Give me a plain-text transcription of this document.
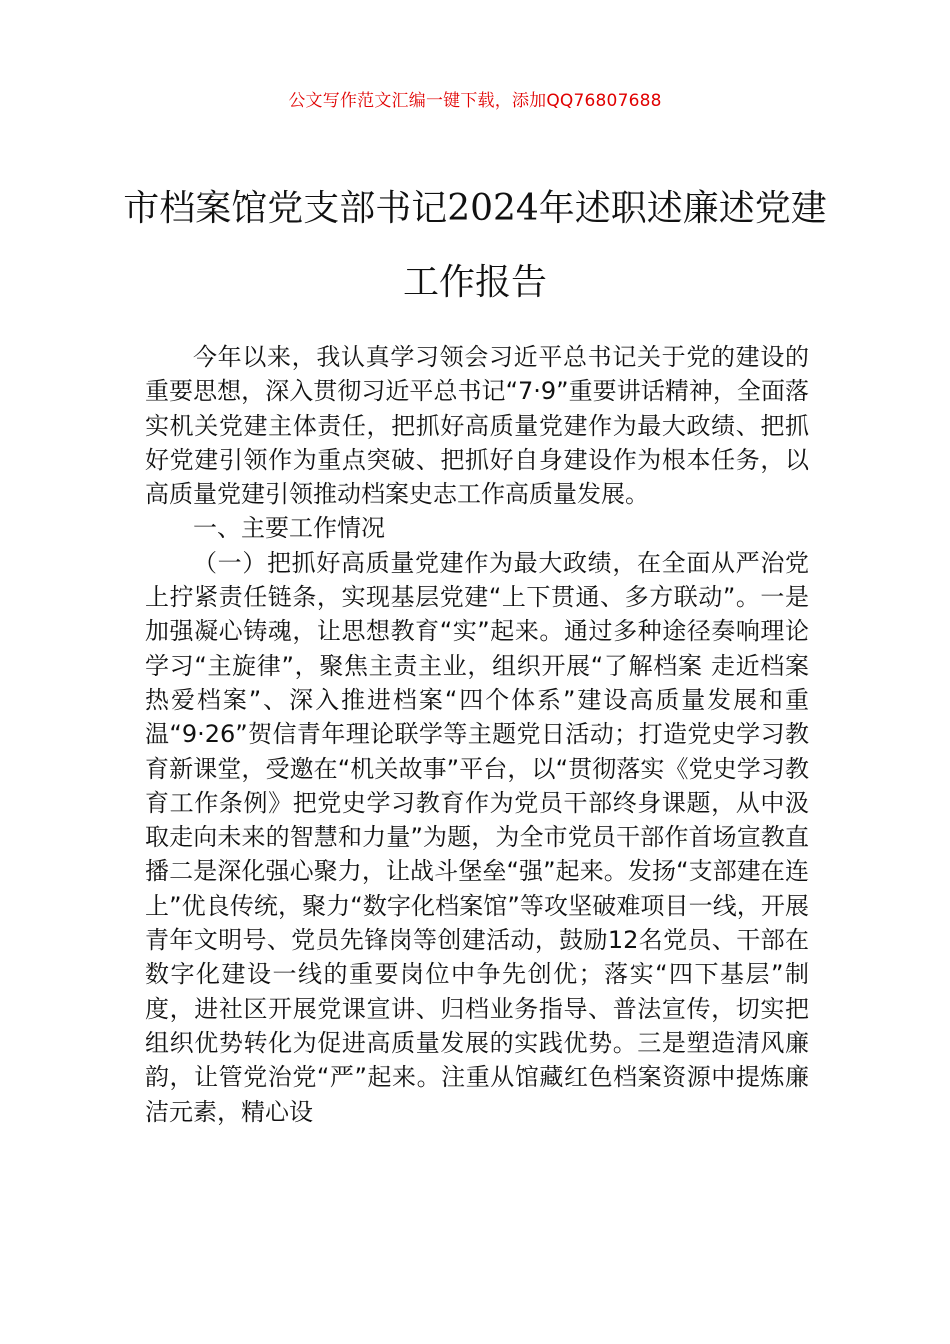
公文写作范文汇编一键下载，添加QQ76807688
市档案馆党支部书记2024年述职述廉述党建工作报告

今年以来，我认真学习领会习近平总书记关于党的建设的重要思想，深入贯彻习近平总书记“7·9”重要讲话精神，全面落实机关党建主体责任，把抓好高质量党建作为最大政绩、把抓好党建引领作为重点突破、把抓好自身建设作为根本任务，以高质量党建引领推动档案史志工作高质量发展。

一、主要工作情况

（一）把抓好高质量党建作为最大政绩，在全面从严治党上拧紧责任链条，实现基层党建“上下贯通、多方联动”。一是加强凝心铸魂，让思想教育“实”起来。通过多种途径奏响理论学习“主旋律”，聚焦主责主业，组织开展“了解档案 走近档案 热爱档案”、深入推进档案“四个体系”建设高质量发展和重温“9·26”贺信青年理论联学等主题党日活动；打造党史学习教育新课堂，受邀在“机关故事”平台，以“贯彻落实《党史学习教育工作条例》把党史学习教育作为党员干部终身课题，从中汲取走向未来的智慧和力量”为题，为全市党员干部作首场宣教直播二是深化强心聚力，让战斗堡垒“强”起来。发扬“支部建在连上”优良传统，聚力“数字化档案馆”等攻坚破难项目一线，开展青年文明号、党员先锋岗等创建活动，鼓励12名党员、干部在数字化建设一线的重要岗位中争先创优；落实“四下基层”制度，进社区开展党课宣讲、归档业务指导、普法宣传，切实把组织优势转化为促进高质量发展的实践优势。三是塑造清风廉韵，让管党治党“严”起来。注重从馆藏红色档案资源中提炼廉洁元素，精心设
